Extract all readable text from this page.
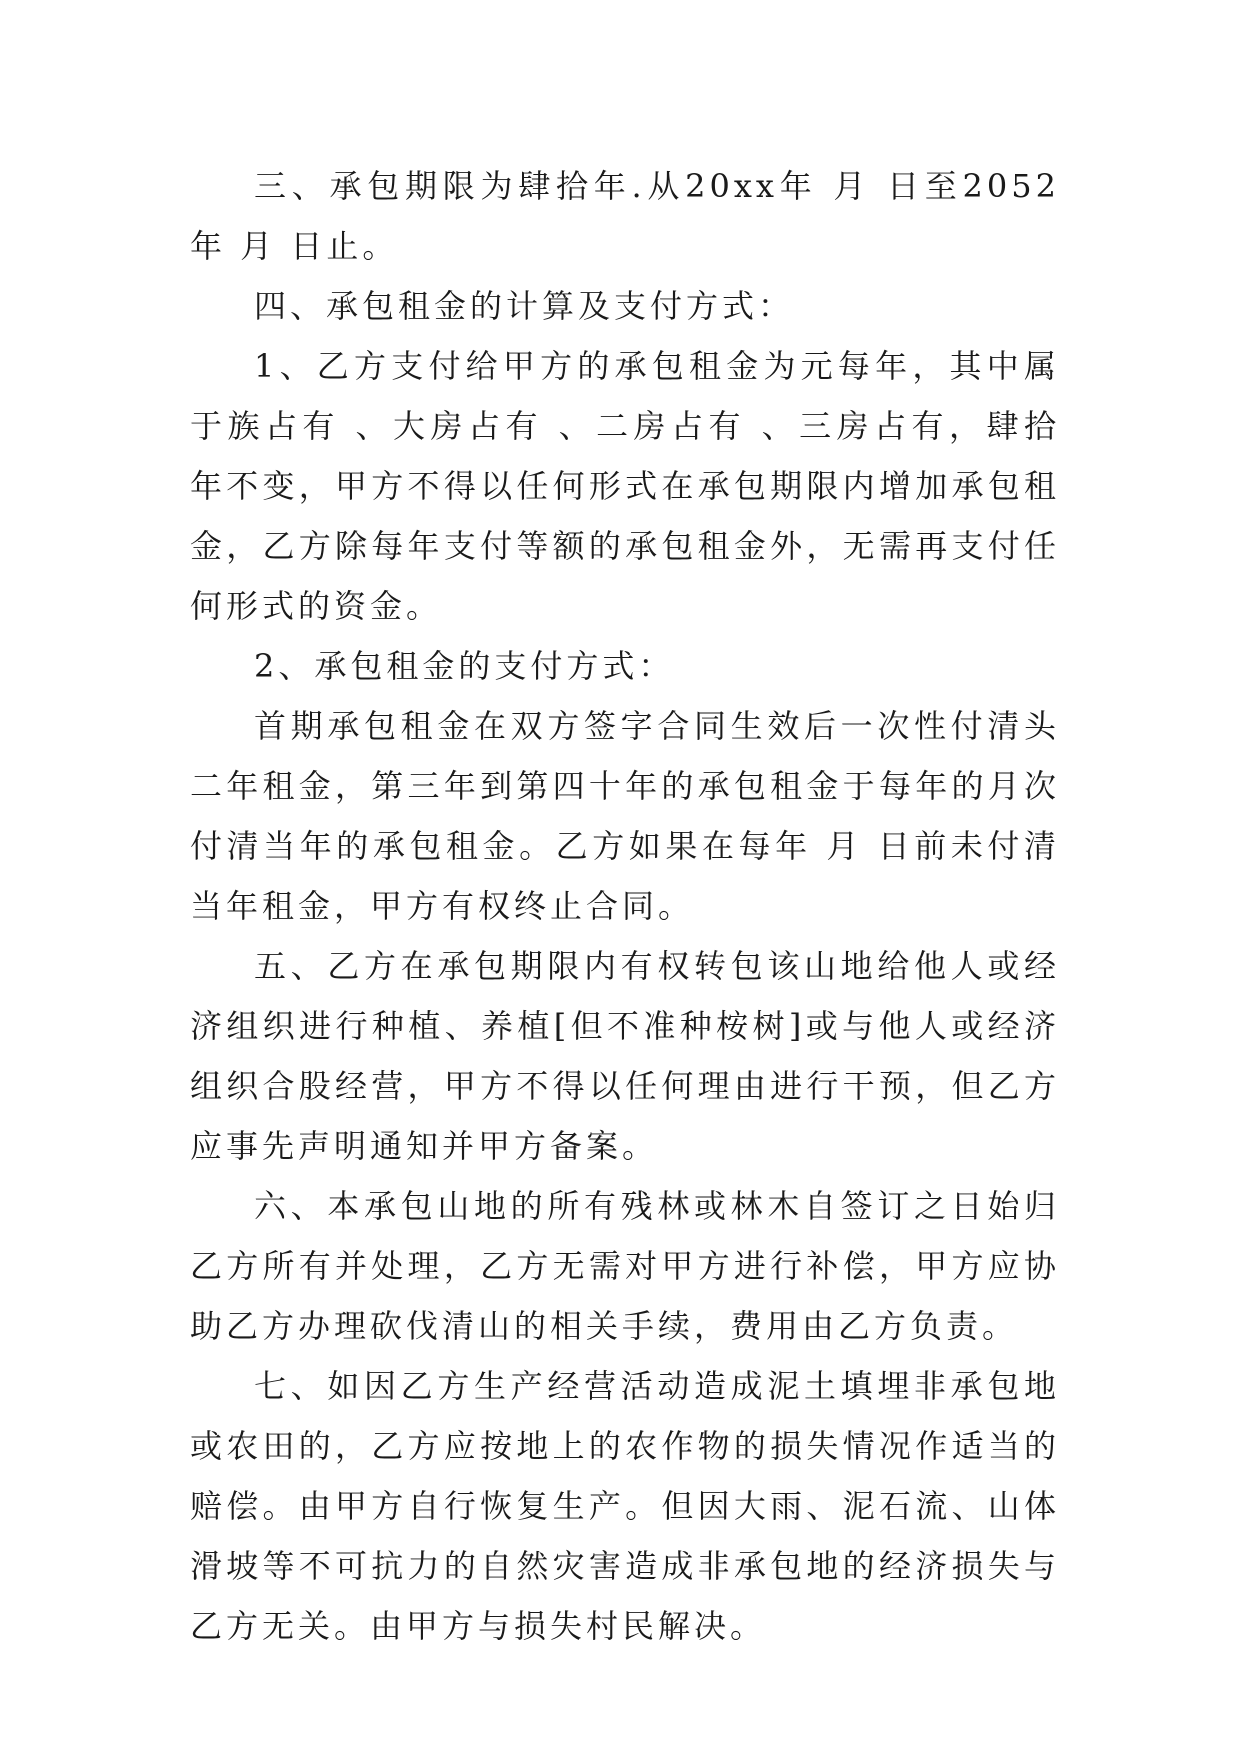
三、承包期限为肆拾年.从20xx年 月 日至2052年 月 日止。

四、承包租金的计算及支付方式：

1、乙方支付给甲方的承包租金为元每年，其中属于族占有 、大房占有 、二房占有 、三房占有，肆拾年不变，甲方不得以任何形式在承包期限内增加承包租金，乙方除每年支付等额的承包租金外，无需再支付任何形式的资金。

2、承包租金的支付方式：

首期承包租金在双方签字合同生效后一次性付清头二年租金，第三年到第四十年的承包租金于每年的月次付清当年的承包租金。乙方如果在每年 月 日前未付清当年租金，甲方有权终止合同。

五、乙方在承包期限内有权转包该山地给他人或经济组织进行种植、养植[但不准种桉树]或与他人或经济组织合股经营，甲方不得以任何理由进行干预，但乙方应事先声明通知并甲方备案。

六、本承包山地的所有残林或林木自签订之日始归乙方所有并处理，乙方无需对甲方进行补偿，甲方应协助乙方办理砍伐清山的相关手续，费用由乙方负责。

七、如因乙方生产经营活动造成泥土填埋非承包地或农田的，乙方应按地上的农作物的损失情况作适当的赔偿。由甲方自行恢复生产。但因大雨、泥石流、山体滑坡等不可抗力的自然灾害造成非承包地的经济损失与乙方无关。由甲方与损失村民解决。
